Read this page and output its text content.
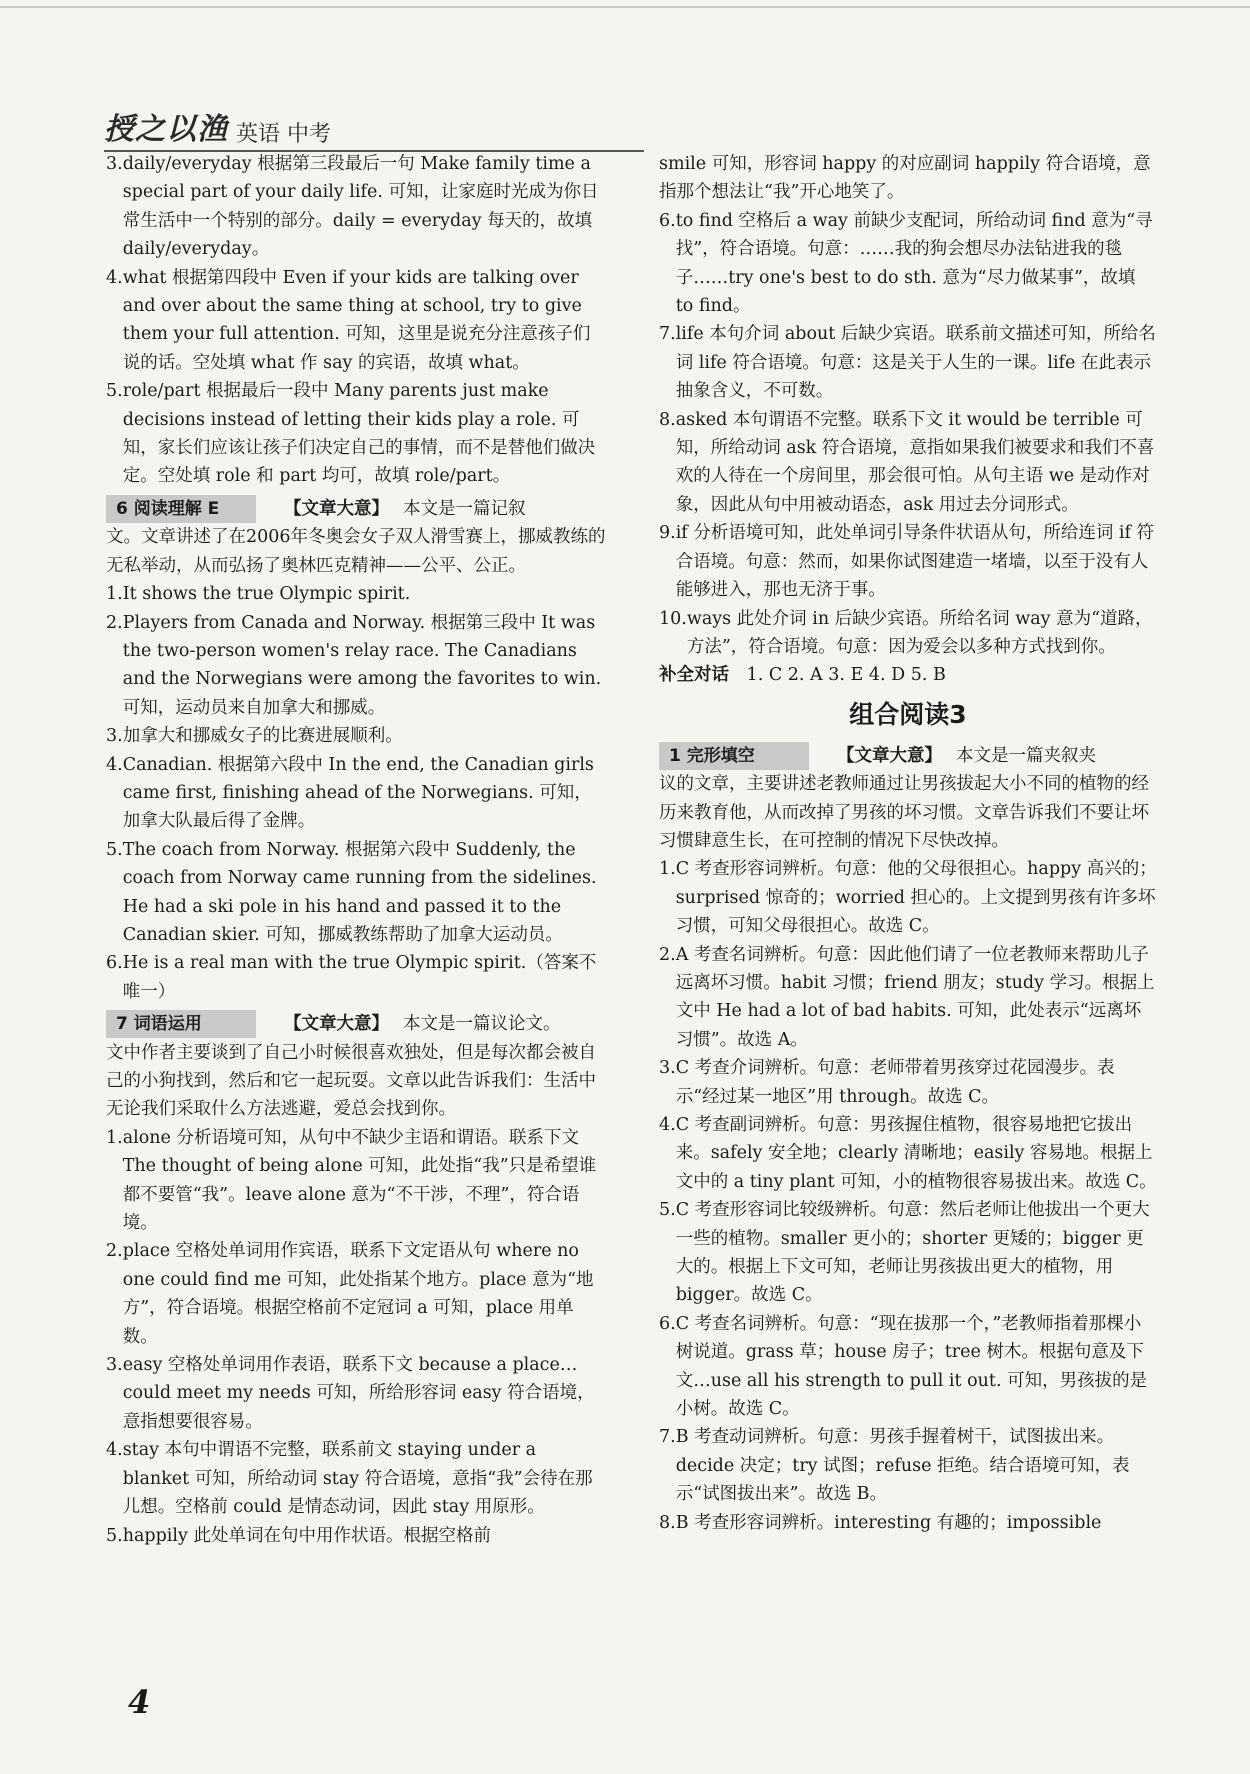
授之以渔 英语 中考
3. daily/everyday 根据第三段最后一句 Make family time a special part of your daily life. 可知，让家庭时光成为你日常生活中一个特别的部分。daily = everyday 每天的，故填 daily/everyday。
4. what 根据第四段中 Even if your kids are talking over and over about the same thing at school, try to give them your full attention. 可知，这里是说充分注意孩子们说的话。空处填 what 作 say 的宾语，故填 what。
5. role/part 根据最后一段中 Many parents just make decisions instead of letting their kids play a role. 可知，家长们应该让孩子们决定自己的事情，而不是替他们做决定。空处填 role 和 part 均可，故填 role/part。
6 阅读理解 E	【文章大意】 本文是一篇记叙
文。文章讲述了在2006年冬奥会女子双人滑雪赛上，挪威教练的无私举动，从而弘扬了奥林匹克精神——公平、公正。
1. It shows the true Olympic spirit.
2. Players from Canada and Norway. 根据第三段中 It was the two-person women's relay race. The Canadians and the Norwegians were among the favorites to win. 可知，运动员来自加拿大和挪威。
3. 加拿大和挪威女子的比赛进展顺利。
4. Canadian. 根据第六段中 In the end, the Canadian girls came first, finishing ahead of the Norwegians. 可知，加拿大队最后得了金牌。
5. The coach from Norway. 根据第六段中 Suddenly, the coach from Norway came running from the sidelines. He had a ski pole in his hand and passed it to the Canadian skier. 可知，挪威教练帮助了加拿大运动员。
6. He is a real man with the true Olympic spirit.（答案不唯一）
7 词语运用	【文章大意】 本文是一篇议论文。
文中作者主要谈到了自己小时候很喜欢独处，但是每次都会被自己的小狗找到，然后和它一起玩耍。文章以此告诉我们：生活中无论我们采取什么方法逃避，爱总会找到你。
1. alone 分析语境可知，从句中不缺少主语和谓语。联系下文 The thought of being alone 可知，此处指“我”只是希望谁都不要管“我”。leave alone 意为“不干涉，不理”，符合语境。
2. place 空格处单词用作宾语，联系下文定语从句 where no one could find me 可知，此处指某个地方。place 意为“地方”，符合语境。根据空格前不定冠词 a 可知，place 用单数。
3. easy 空格处单词用作表语，联系下文 because a place… could meet my needs 可知，所给形容词 easy 符合语境，意指想要很容易。
4. stay 本句中谓语不完整，联系前文 staying under a blanket 可知，所给动词 stay 符合语境，意指“我”会待在那儿想。空格前 could 是情态动词，因此 stay 用原形。
5. happily 此处单词在句中用作状语。根据空格前
smile 可知，形容词 happy 的对应副词 happily 符合语境，意指那个想法让“我”开心地笑了。
6. to find 空格后 a way 前缺少支配词，所给动词 find 意为“寻找”，符合语境。句意：……我的狗会想尽办法钻进我的毯子……try one's best to do sth. 意为“尽力做某事”，故填 to find。
7. life 本句介词 about 后缺少宾语。联系前文描述可知，所给名词 life 符合语境。句意：这是关于人生的一课。life 在此表示抽象含义，不可数。
8. asked 本句谓语不完整。联系下文 it would be terrible 可知，所给动词 ask 符合语境，意指如果我们被要求和我们不喜欢的人待在一个房间里，那会很可怕。从句主语 we 是动作对象，因此从句中用被动语态，ask 用过去分词形式。
9. if 分析语境可知，此处单词引导条件状语从句，所给连词 if 符合语境。句意：然而，如果你试图建造一堵墙，以至于没有人能够进入，那也无济于事。
10. ways 此处介词 in 后缺少宾语。所给名词 way 意为“道路，方法”，符合语境。句意：因为爱会以多种方式找到你。
补全对话 1. C 2. A 3. E 4. D 5. B
组合阅读3
1 完形填空	【文章大意】 本文是一篇夹叙夹
议的文章，主要讲述老教师通过让男孩拔起大小不同的植物的经历来教育他，从而改掉了男孩的坏习惯。文章告诉我们不要让坏习惯肆意生长，在可控制的情况下尽快改掉。
1. C 考查形容词辨析。句意：他的父母很担心。happy 高兴的；surprised 惊奇的；worried 担心的。上文提到男孩有许多坏习惯，可知父母很担心。故选 C。
2. A 考查名词辨析。句意：因此他们请了一位老教师来帮助儿子远离坏习惯。habit 习惯；friend 朋友；study 学习。根据上文中 He had a lot of bad habits. 可知，此处表示“远离坏习惯”。故选 A。
3. C 考查介词辨析。句意：老师带着男孩穿过花园漫步。表示“经过某一地区”用 through。故选 C。
4. C 考查副词辨析。句意：男孩握住植物，很容易地把它拔出来。safely 安全地；clearly 清晰地；easily 容易地。根据上文中的 a tiny plant 可知，小的植物很容易拔出来。故选 C。
5. C 考查形容词比较级辨析。句意：然后老师让他拔出一个更大一些的植物。smaller 更小的；shorter 更矮的；bigger 更大的。根据上下文可知，老师让男孩拔出更大的植物，用 bigger。故选 C。
6. C 考查名词辨析。句意：“现在拔那一个，”老教师指着那棵小树说道。grass 草；house 房子；tree 树木。根据句意及下文…use all his strength to pull it out. 可知，男孩拔的是小树。故选 C。
7. B 考查动词辨析。句意：男孩手握着树干，试图拔出来。decide 决定；try 试图；refuse 拒绝。结合语境可知，表示“试图拔出来”。故选 B。
8. B 考查形容词辨析。interesting 有趣的；impossible
4
